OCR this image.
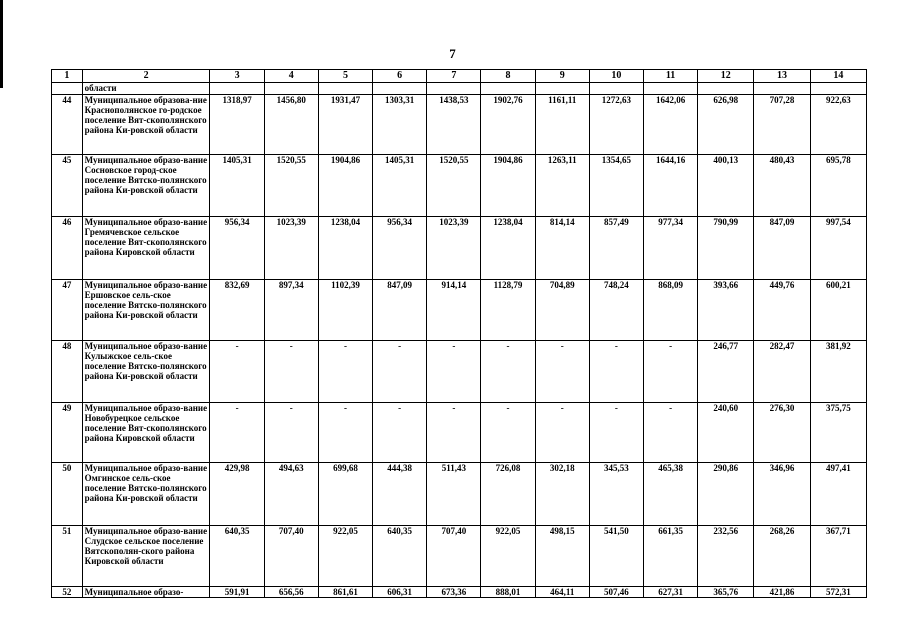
7
1	2	3	4	5	6	7	8	9	10	11	12	13	14
	области												
44	Муниципальное образова-ние Краснополянское го-родское поселение Вят-скополянского района Ки-ровской области	1318,97	1456,80	1931,47	1303,31	1438,53	1902,76	1161,11	1272,63	1642,06	626,98	707,28	922,63
45	Муниципальное образо-вание Сосновское город-ское поселение Вятско-полянского района Ки-ровской области	1405,31	1520,55	1904,86	1405,31	1520,55	1904,86	1263,11	1354,65	1644,16	400,13	480,43	695,78
46	Муниципальное образо-вание Гремячевское сельское поселение Вят-скополянского района Кировской области	956,34	1023,39	1238,04	956,34	1023,39	1238,04	814,14	857,49	977,34	790,99	847,09	997,54
47	Муниципальное образо-вание Ершовское сель-ское поселение Вятско-полянского района Ки-ровской области	832,69	897,34	1102,39	847,09	914,14	1128,79	704,89	748,24	868,09	393,66	449,76	600,21
48	Муниципальное образо-вание Кулыжское сель-ское поселение Вятско-полянского района Ки-ровской области	-	-	-	-	-	-	-	-	-	246,77	282,47	381,92
49	Муниципальное образо-вание Новобурецкое сельское поселение Вят-скополянского района Кировской области	-	-	-	-	-	-	-	-	-	240,60	276,30	375,75
50	Муниципальное образо-вание Омгинское сель-ское поселение Вятско-полянского района Ки-ровской области	429,98	494,63	699,68	444,38	511,43	726,08	302,18	345,53	465,38	290,86	346,96	497,41
51	Муниципальное образо-вание Слудское сельское поселение Вятскополян-ского района Кировской области	640,35	707,40	922,05	640,35	707,40	922,05	498,15	541,50	661,35	232,56	268,26	367,71
52	Муниципальное образо-	591,91	656,56	861,61	606,31	673,36	888,01	464,11	507,46	627,31	365,76	421,86	572,31
